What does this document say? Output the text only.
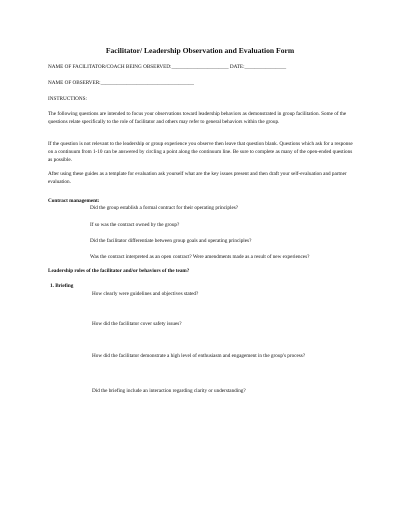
Facilitator/ Leadership Observation and Evaluation Form
NAME OF FACILITATOR/COACH BEING OBSERVED:______________________ DATE:________________
NAME OF OBSERVER:____________________________________
INSTRUCTIONS:
The following questions are intended to focus your observations toward leadership behaviors as demonstrated in group facilitation. Some of the questions relate specifically to the role of facilitator and others may refer to general behaviors within the group.
If the question is not relevant to the leadership or group experience you observe then leave that question blank. Questions which ask for a response on a continuum from 1-10 can be answered by circling a point along the continuum line. Be sure to complete as many of the open-ended questions as possible.
After using these guides as a template for evaluation ask yourself what are the key issues present and then draft your self-evaluation and partner evaluation.
Contract management:
Did the group establish a formal contract for their operating principles?
If so was the contract owned by the group?
Did the facilitator differentiate between group goals and operating principles?
Was the contract interpreted as an open contract? Were amendments made as a result of new experiences?
Leadership roles of the facilitator and/or behaviors of the team?
1. Briefing
How clearly were guidelines and objectives stated?
How did the facilitator cover safety issues?
How did the facilitator demonstrate a high level of enthusiasm and engagement in the group's process?
Did the briefing include an interaction regarding clarity or understanding?
